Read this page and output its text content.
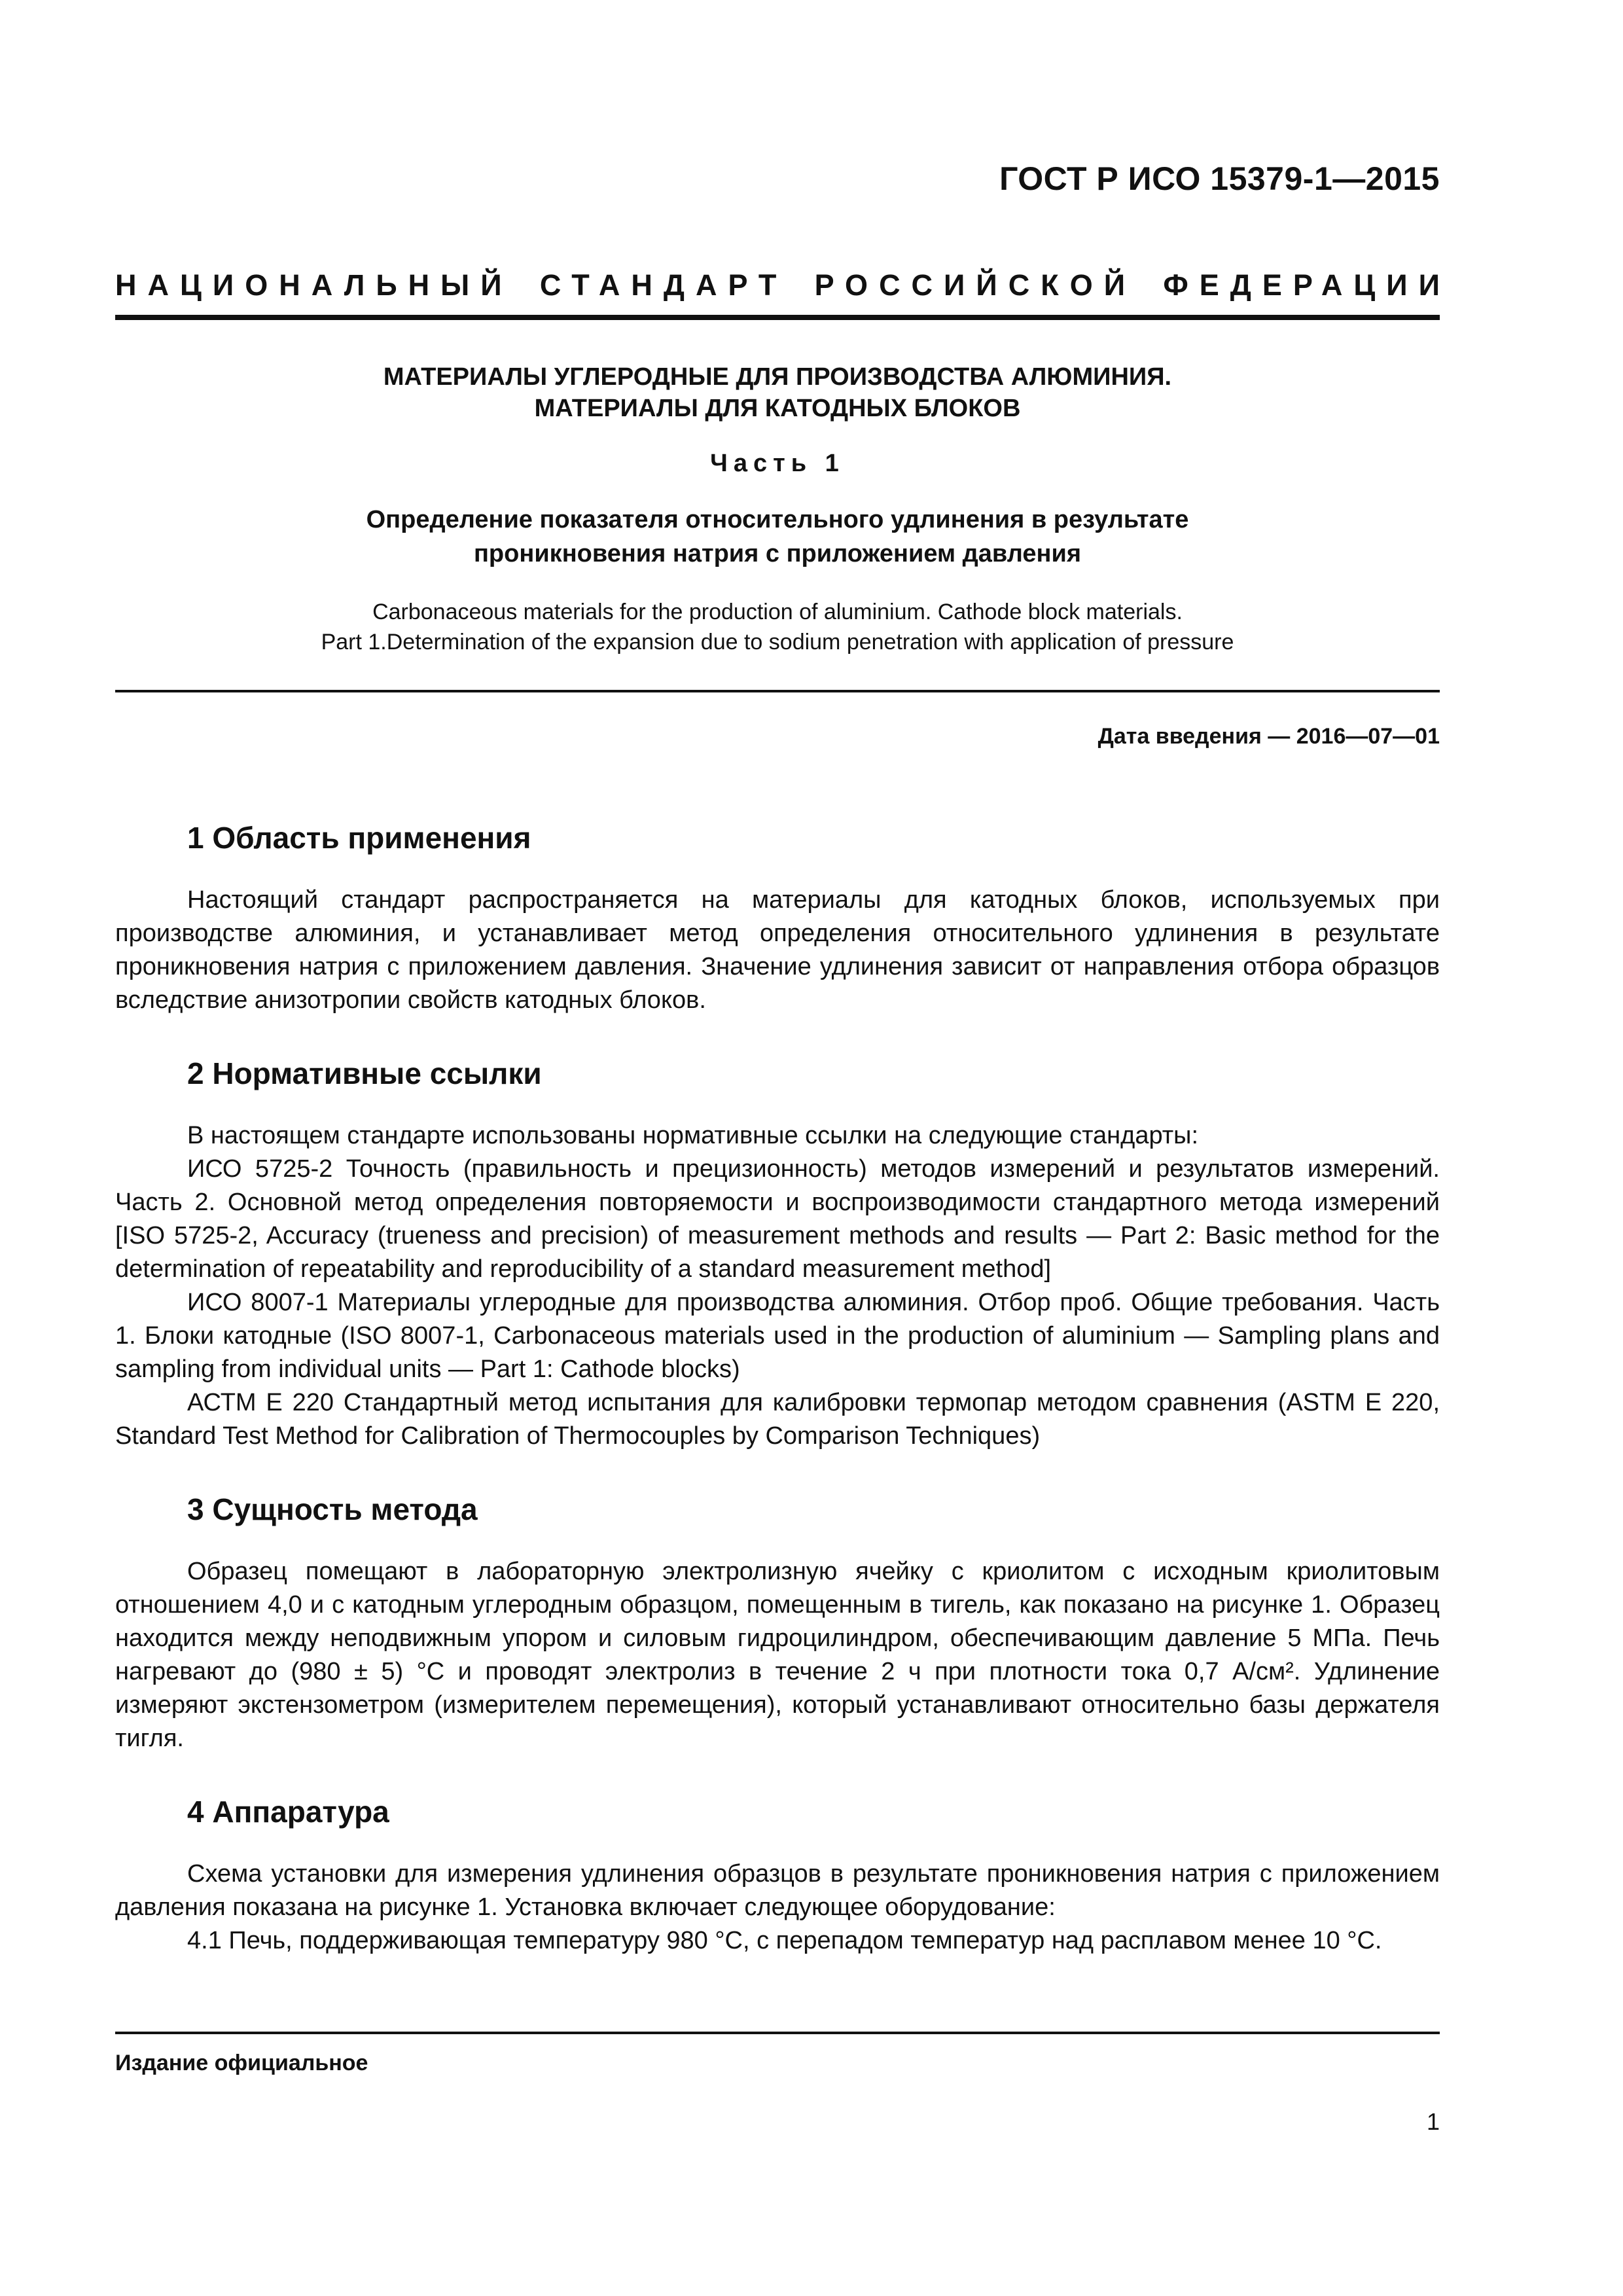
ГОСТ Р ИСО 15379-1—2015
НАЦИОНАЛЬНЫЙ СТАНДАРТ РОССИЙСКОЙ ФЕДЕРАЦИИ
МАТЕРИАЛЫ УГЛЕРОДНЫЕ ДЛЯ ПРОИЗВОДСТВА АЛЮМИНИЯ.
МАТЕРИАЛЫ ДЛЯ КАТОДНЫХ БЛОКОВ
Часть 1
Определение показателя относительного удлинения в результате
проникновения натрия с приложением давления
Carbonaceous materials for the production of aluminium. Cathode block materials.
Part 1.Determination of the expansion due to sodium penetration with application of pressure
Дата введения — 2016—07—01
1 Область применения

Настоящий стандарт распространяется на материалы для катодных блоков, используемых при производстве алюминия, и устанавливает метод определения относительного удлинения в результате проникновения натрия с приложением давления. Значение удлинения зависит от направления отбора образцов вследствие анизотропии свойств катодных блоков.

2 Нормативные ссылки

В настоящем стандарте использованы нормативные ссылки на следующие стандарты:

ИСО 5725-2 Точность (правильность и прецизионность) методов измерений и результатов измерений. Часть 2. Основной метод определения повторяемости и воспроизводимости стандартного метода измерений [ISO 5725-2, Accuracy (trueness and precision) of measurement methods and results — Part 2: Basic method for the determination of repeatability and reproducibility of a standard measurement method]

ИСО 8007-1 Материалы углеродные для производства алюминия. Отбор проб. Общие требования. Часть 1. Блоки катодные (ISO 8007-1, Carbonaceous materials used in the production of aluminium — Sampling plans and sampling from individual units — Part 1: Cathode blocks)

АСТМ Е 220 Стандартный метод испытания для калибровки термопар методом сравнения (ASTM E 220, Standard Test Method for Calibration of Thermocouples by Comparison Techniques)

3 Сущность метода

Образец помещают в лабораторную электролизную ячейку с криолитом с исходным криолитовым отношением 4,0 и с катодным углеродным образцом, помещенным в тигель, как показано на рисунке 1. Образец находится между неподвижным упором и силовым гидроцилиндром, обеспечивающим давление 5 МПа. Печь нагревают до (980 ± 5) °С и проводят электролиз в течение 2 ч при плотности тока 0,7 А/см². Удлинение измеряют экстензометром (измерителем перемещения), который устанавливают относительно базы держателя тигля.

4 Аппаратура

Схема установки для измерения удлинения образцов в результате проникновения натрия с приложением давления показана на рисунке 1. Установка включает следующее оборудование:

4.1 Печь, поддерживающая температуру 980 °С, с перепадом температур над расплавом менее 10 °С.

Издание официальное
1
